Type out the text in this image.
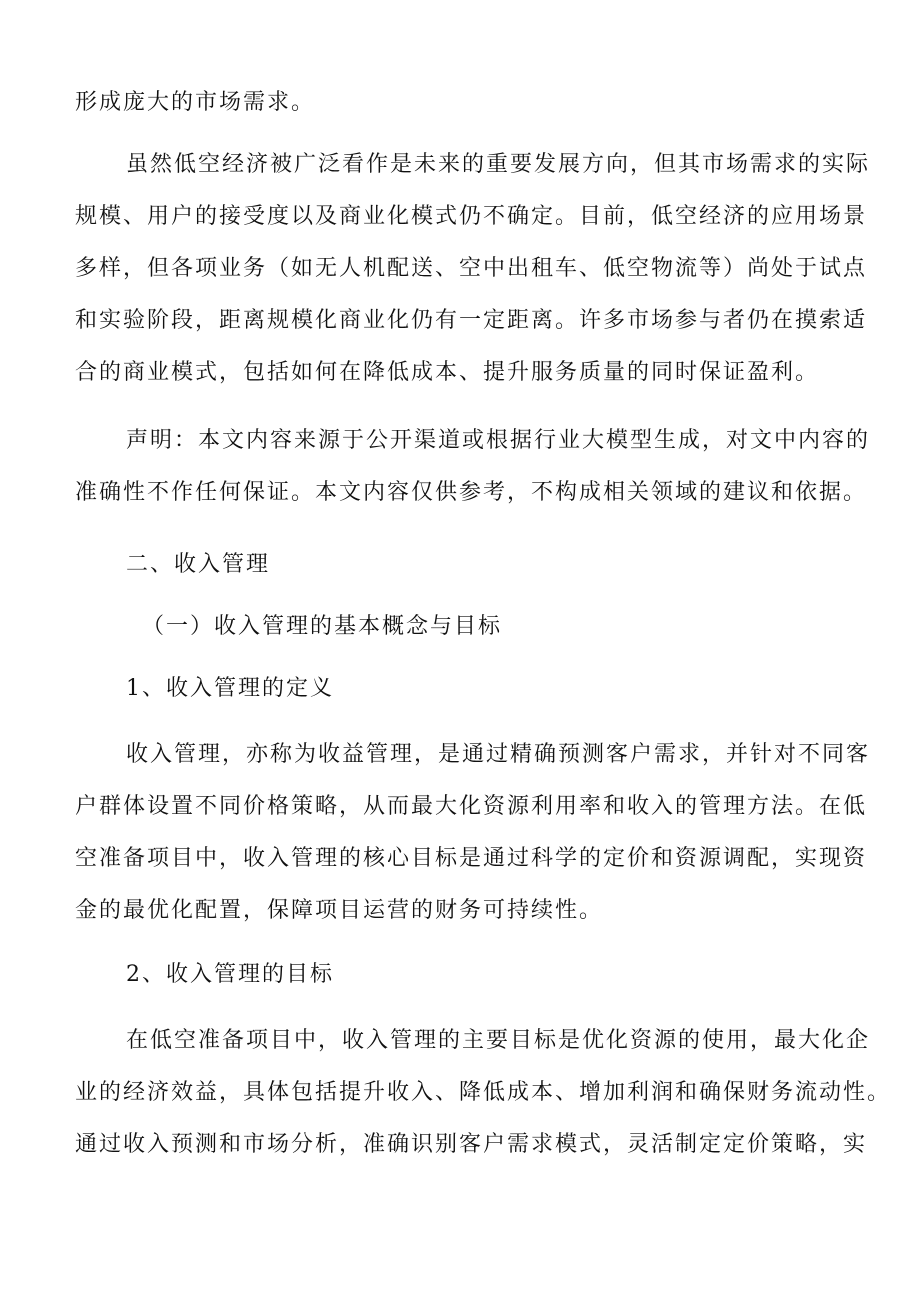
形成庞大的市场需求。
虽然低空经济被广泛看作是未来的重要发展方向，但其市场需求的实际
规模、用户的接受度以及商业化模式仍不确定。目前，低空经济的应用场景
多样，但各项业务（如无人机配送、空中出租车、低空物流等）尚处于试点
和实验阶段，距离规模化商业化仍有一定距离。许多市场参与者仍在摸索适
合的商业模式，包括如何在降低成本、提升服务质量的同时保证盈利。
声明：本文内容来源于公开渠道或根据行业大模型生成，对文中内容的
准确性不作任何保证。本文内容仅供参考，不构成相关领域的建议和依据。
二、收入管理
（一）收入管理的基本概念与目标
1、收入管理的定义
收入管理，亦称为收益管理，是通过精确预测客户需求，并针对不同客
户群体设置不同价格策略，从而最大化资源利用率和收入的管理方法。在低
空准备项目中，收入管理的核心目标是通过科学的定价和资源调配，实现资
金的最优化配置，保障项目运营的财务可持续性。
2、收入管理的目标
在低空准备项目中，收入管理的主要目标是优化资源的使用，最大化企
业的经济效益，具体包括提升收入、降低成本、增加利润和确保财务流动性。
通过收入预测和市场分析，准确识别客户需求模式，灵活制定定价策略，实
